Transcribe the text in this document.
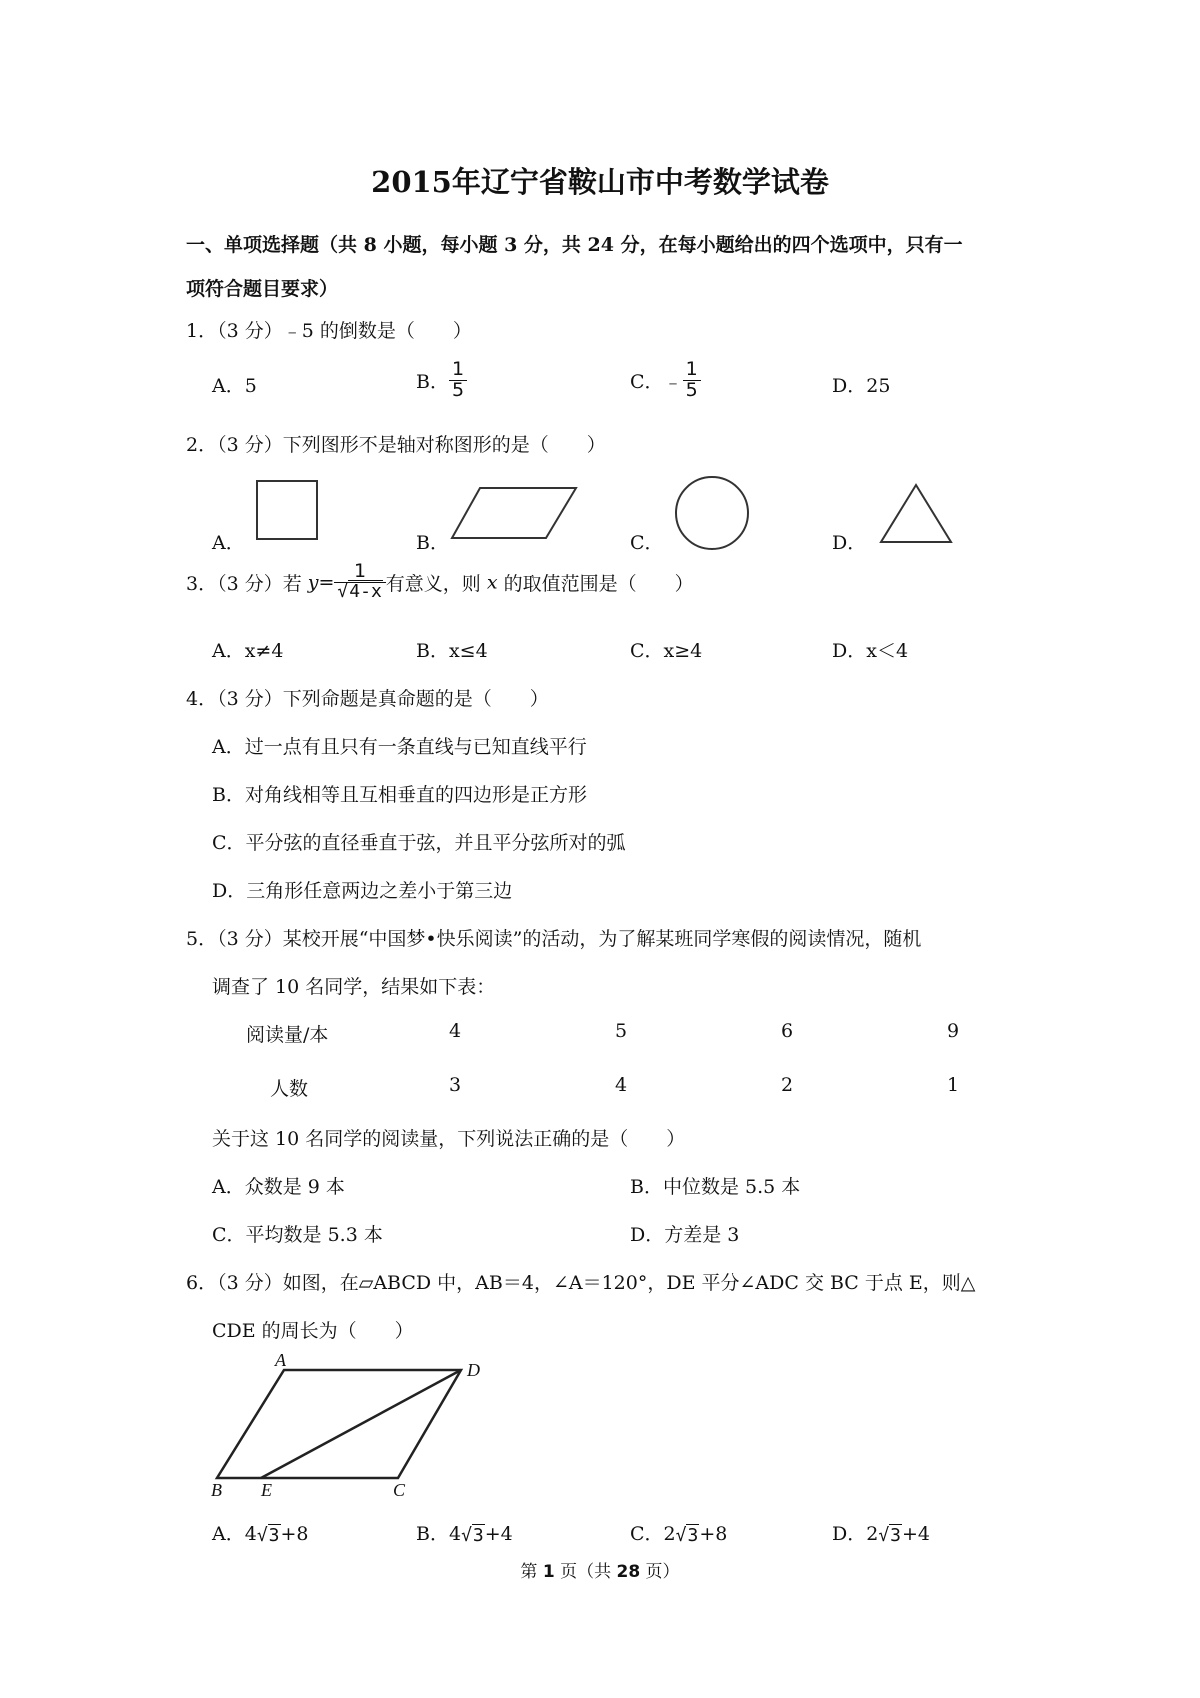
2015年辽宁省鞍山市中考数学试卷
一、单项选择题（共 8 小题，每小题 3 分，共 24 分，在每小题给出的四个选项中，只有一
项符合题目要求）
1．（3 分）﹣5 的倒数是（　　）
A．5	B． $\frac{1}{5}$	C．﹣ $\frac{1}{5}$	D．25
2．（3 分）下列图形不是轴对称图形的是（　　）
A．	B．	C．	D．
3．（3 分）若 $y= \frac{1}{√4-x}$ 有意义，则 x 的取值范围是（　　）
A．x≠4	B．x≤4	C．x≥4	D．x＜4
4．（3 分）下列命题是真命题的是（　　）
A．过一点有且只有一条直线与已知直线平行
B．对角线相等且互相垂直的四边形是正方形
C．平分弦的直径垂直于弦，并且平分弦所对的弧
D．三角形任意两边之差小于第三边
5．（3 分）某校开展“中国梦•快乐阅读”的活动，为了解某班同学寒假的阅读情况，随机
调查了 10 名同学，结果如下表：
阅读量/本	4	5	6	9
人数	3	4	2	1
关于这 10 名同学的阅读量，下列说法正确的是（　　）
A．众数是 9 本	B．中位数是 5.5 本
C．平均数是 5.3 本	D．方差是 3
6．（3 分）如图，在▱ABCD 中，AB＝4，∠A＝120°，DE 平分∠ADC 交 BC 于点 E，则△
CDE 的周长为（　　）
A	D
B E	C
A．4√3+8	B．4√3+4	C．2√3+8	D．2√3+4
第 1 页（共 28 页）
